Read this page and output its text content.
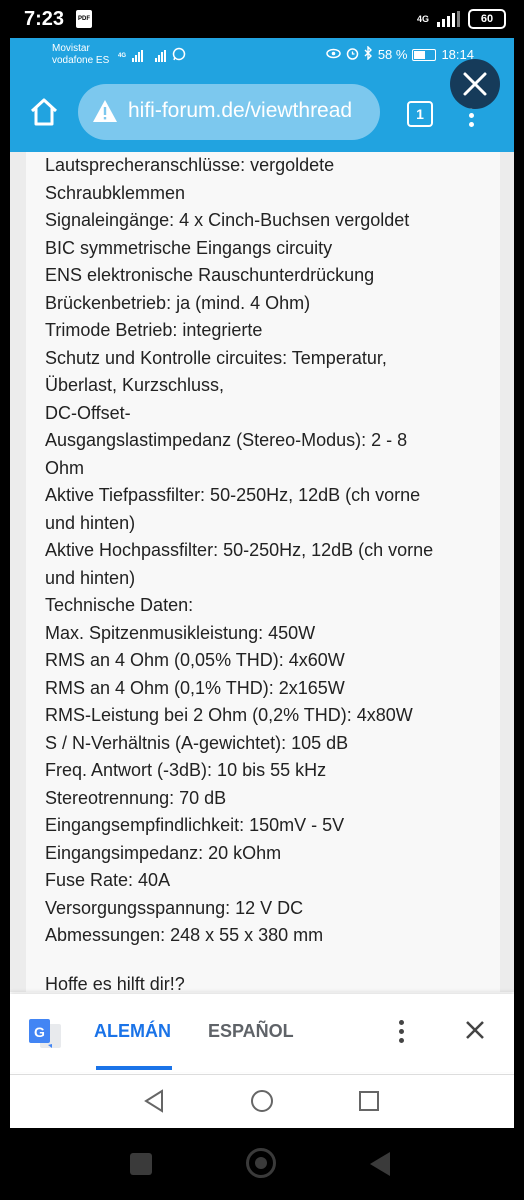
7:23	PDF	4G	60
Movistar
vodafone ES 4G	58 %	18:14
hifi-forum.de/viewthread	1
Lautsprecheranschlüsse: vergoldete
Schraubklemmen
Signaleingänge: 4 x Cinch-Buchsen vergoldet
BIC symmetrische Eingangs circuity
ENS elektronische Rauschunterdrückung
Brückenbetrieb: ja (mind. 4 Ohm)
Trimode Betrieb: integrierte
Schutz und Kontrolle circuites: Temperatur,
Überlast, Kurzschluss,
DC-Offset-
Ausgangslastimpedanz (Stereo-Modus): 2 - 8
Ohm
Aktive Tiefpassfilter: 50-250Hz, 12dB (ch vorne
und hinten)
Aktive Hochpassfilter: 50-250Hz, 12dB (ch vorne
und hinten)
Technische Daten:
Max. Spitzenmusikleistung: 450W
RMS an 4 Ohm (0,05% THD): 4x60W
RMS an 4 Ohm (0,1% THD): 2x165W
RMS-Leistung bei 2 Ohm (0,2% THD): 4x80W
S / N-Verhältnis (A-gewichtet): 105 dB
Freq. Antwort (-3dB): 10 bis 55 kHz
Stereotrennung: 70 dB
Eingangsempfindlichkeit: 150mV - 5V
Eingangsimpedanz: 20 kOhm
Fuse Rate: 40A
Versorgungsspannung: 12 V DC
Abmessungen: 248 x 55 x 380 mm
Hoffe es hilft dir!?
G	ALEMÁN ESPAÑOL
